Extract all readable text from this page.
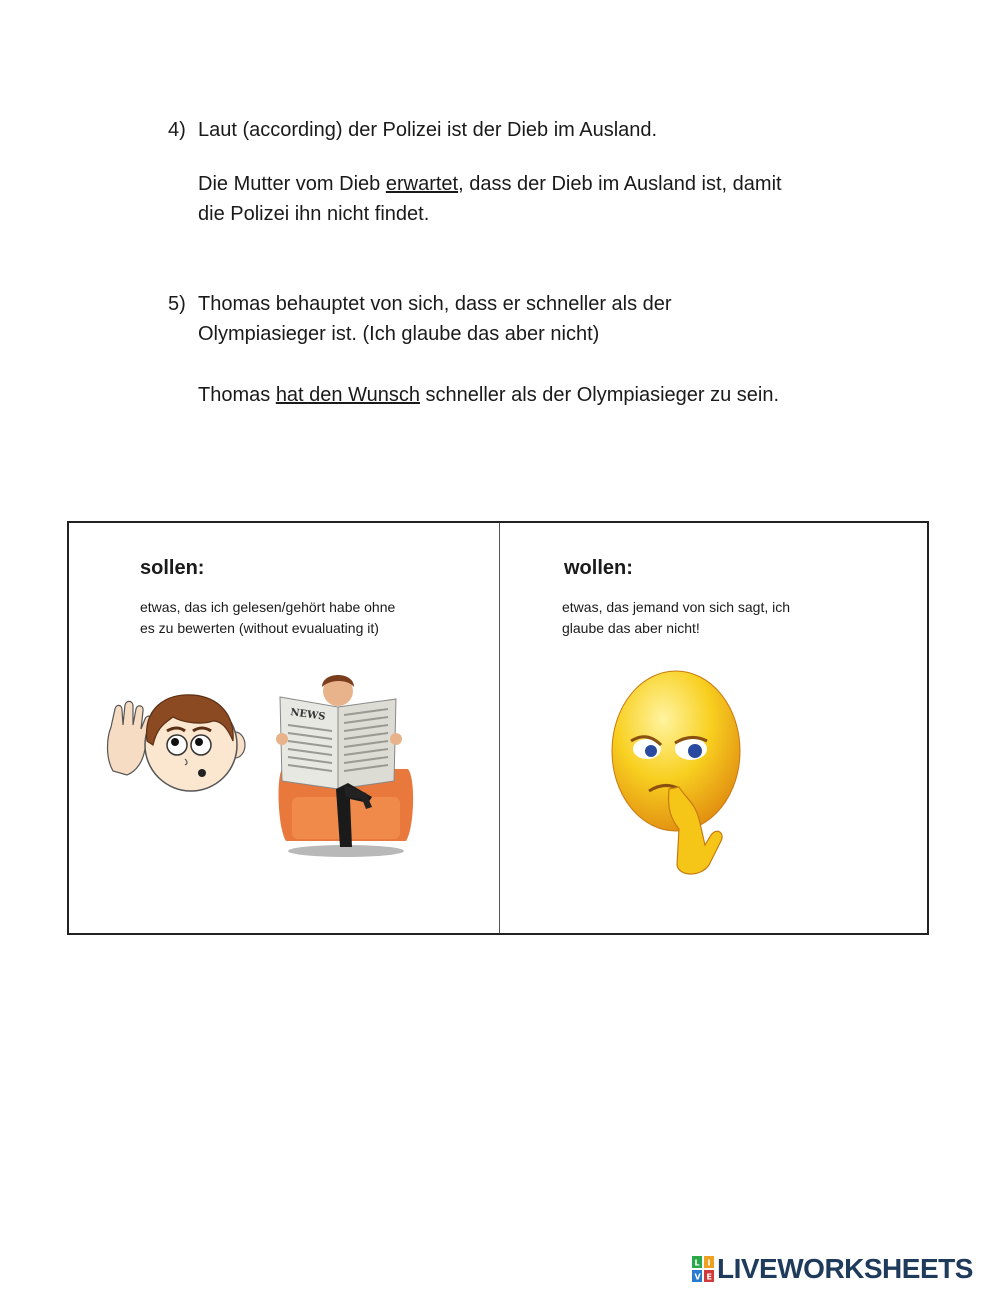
4) Laut (according) der Polizei ist der Dieb im Ausland.
Die Mutter vom Dieb erwartet, dass der Dieb im Ausland ist, damit
die Polizei ihn nicht findet.
5) Thomas behauptet von sich, dass er schneller als der
Olympiasieger ist. (Ich glaube das aber nicht)
Thomas hat den Wunsch schneller als der Olympiasieger zu sein.
sollen:
etwas, das ich gelesen/gehört habe ohne
es zu bewerten (without evualuating it)
NEWS
wollen:
etwas, das jemand von sich sagt, ich
glaube das aber nicht!
L I
V E LIVEWORKSHEETS
